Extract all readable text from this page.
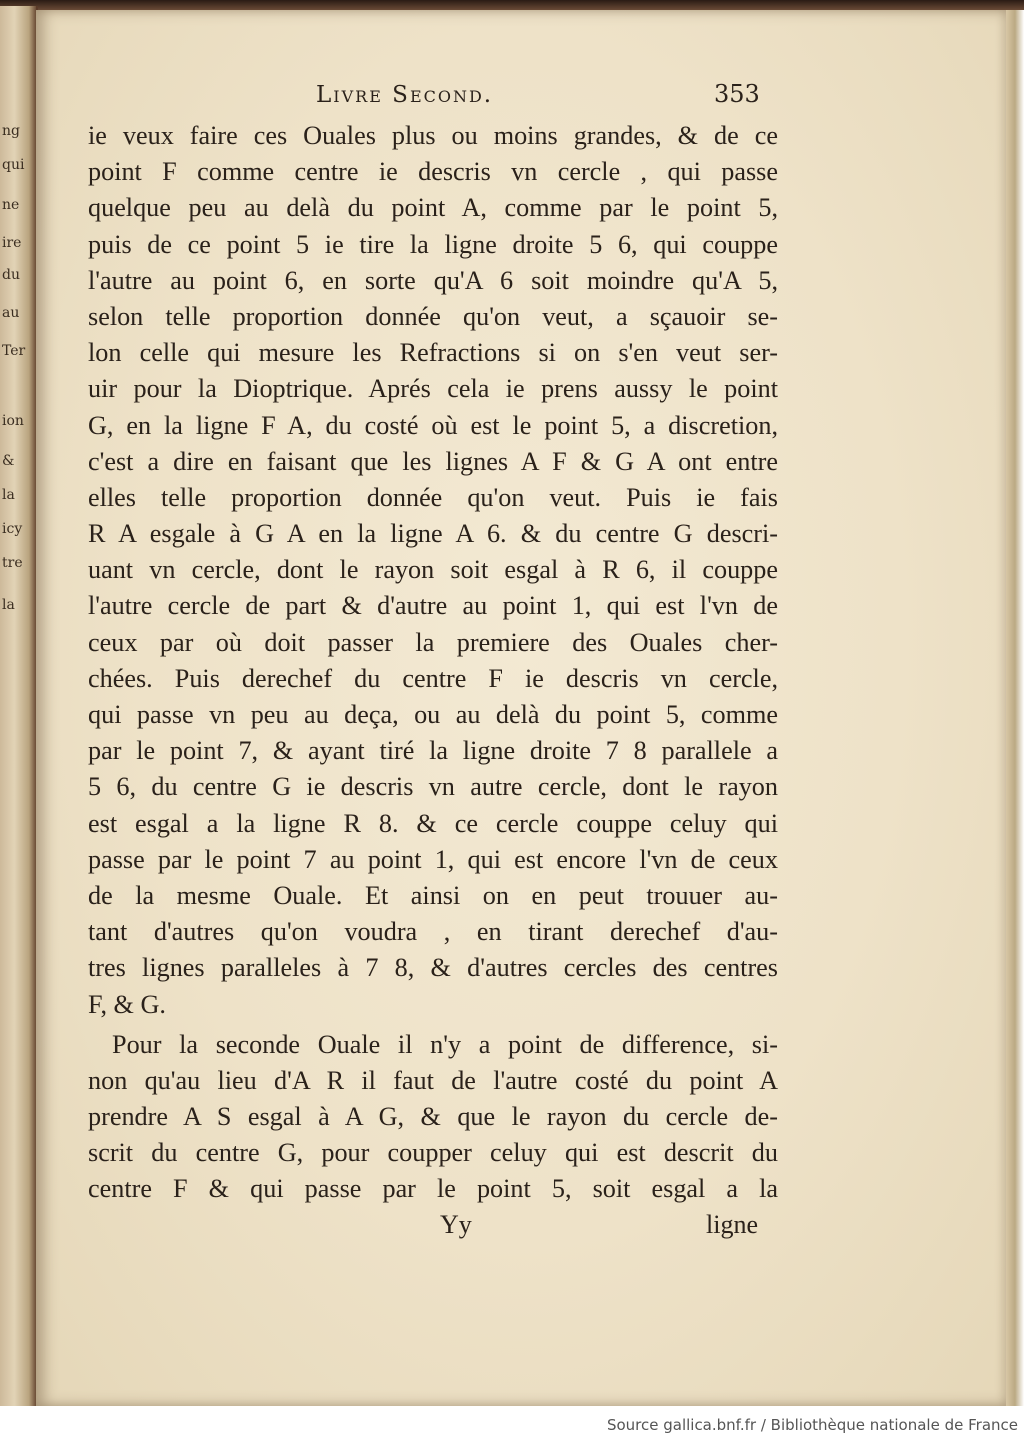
ng
qui
ne
ire
du
au
Ter
ion
&
la
icy
tre
la
Livre Second.	353
ie veux faire ces Ouales plus ou moins grandes, & de ce
point F comme centre ie descris vn cercle , qui passe
quelque peu au delà du point A, comme par le point 5,
puis de ce point 5 ie tire la ligne droite 5 6, qui couppe
l'autre au point 6, en sorte qu'A 6 soit moindre qu'A 5,
selon telle proportion donnée qu'on veut, a sçauoir se-
lon celle qui mesure les Refractions si on s'en veut ser-
uir pour la Dioptrique. Aprés cela ie prens aussy le point
G, en la ligne F A, du costé où est le point 5, a discretion,
c'est a dire en faisant que les lignes A F & G A ont entre
elles telle proportion donnée qu'on veut. Puis ie fais
R A esgale à G A en la ligne A 6. & du centre G descri-
uant vn cercle, dont le rayon soit esgal à R 6, il couppe
l'autre cercle de part & d'autre au point 1, qui est l'vn de
ceux par où doit passer la premiere des Ouales cher-
chées. Puis derechef du centre F ie descris vn cercle,
qui passe vn peu au deça, ou au delà du point 5, comme
par le point 7, & ayant tiré la ligne droite 7 8 parallele a
5 6, du centre G ie descris vn autre cercle, dont le rayon
est esgal a la ligne R 8. & ce cercle couppe celuy qui
passe par le point 7 au point 1, qui est encore l'vn de ceux
de la mesme Ouale. Et ainsi on en peut trouuer au-
tant d'autres qu'on voudra , en tirant derechef d'au-
tres lignes paralleles à 7 8, & d'autres cercles des centres
F, & G.
Pour la seconde Ouale il n'y a point de difference, si-
non qu'au lieu d'A R il faut de l'autre costé du point A
prendre A S esgal à A G, & que le rayon du cercle de-
scrit du centre G, pour coupper celuy qui est descrit du
centre F & qui passe par le point 5, soit esgal a la
Yy	ligne
Source gallica.bnf.fr / Bibliothèque nationale de France
